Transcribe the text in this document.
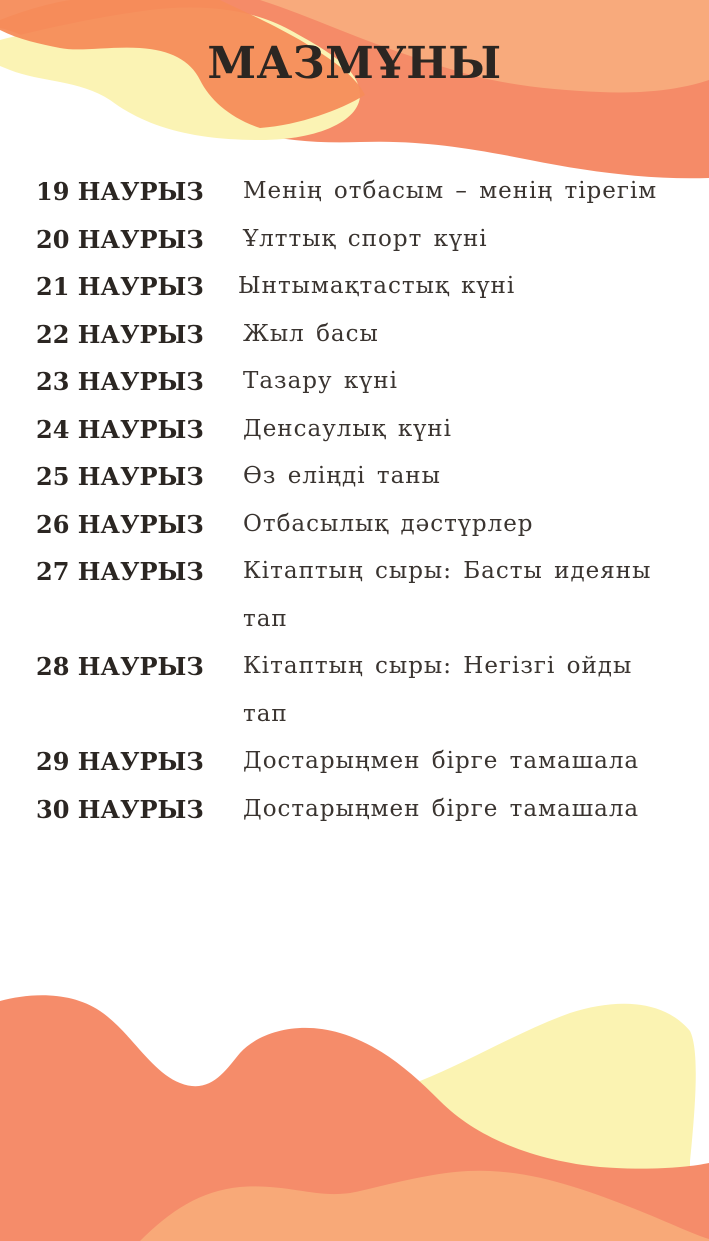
МАЗМҰНЫ
19 НАУРЫЗ	Менің отбасым – менің тірегім
20 НАУРЫЗ	Ұлттық спорт күні
21 НАУРЫЗ	Ынтымақтастық күні
22 НАУРЫЗ	Жыл басы
23 НАУРЫЗ	Тазару күні
24 НАУРЫЗ	Денсаулық күні
25 НАУРЫЗ	Өз еліңді таны
26 НАУРЫЗ	Отбасылық дәстүрлер
27 НАУРЫЗ	Кітаптың сыры: Басты идеяны тап
28 НАУРЫЗ	Кітаптың сыры: Негізгі ойды тап
29 НАУРЫЗ	Достарыңмен бірге тамашала
30 НАУРЫЗ	Достарыңмен бірге тамашала
